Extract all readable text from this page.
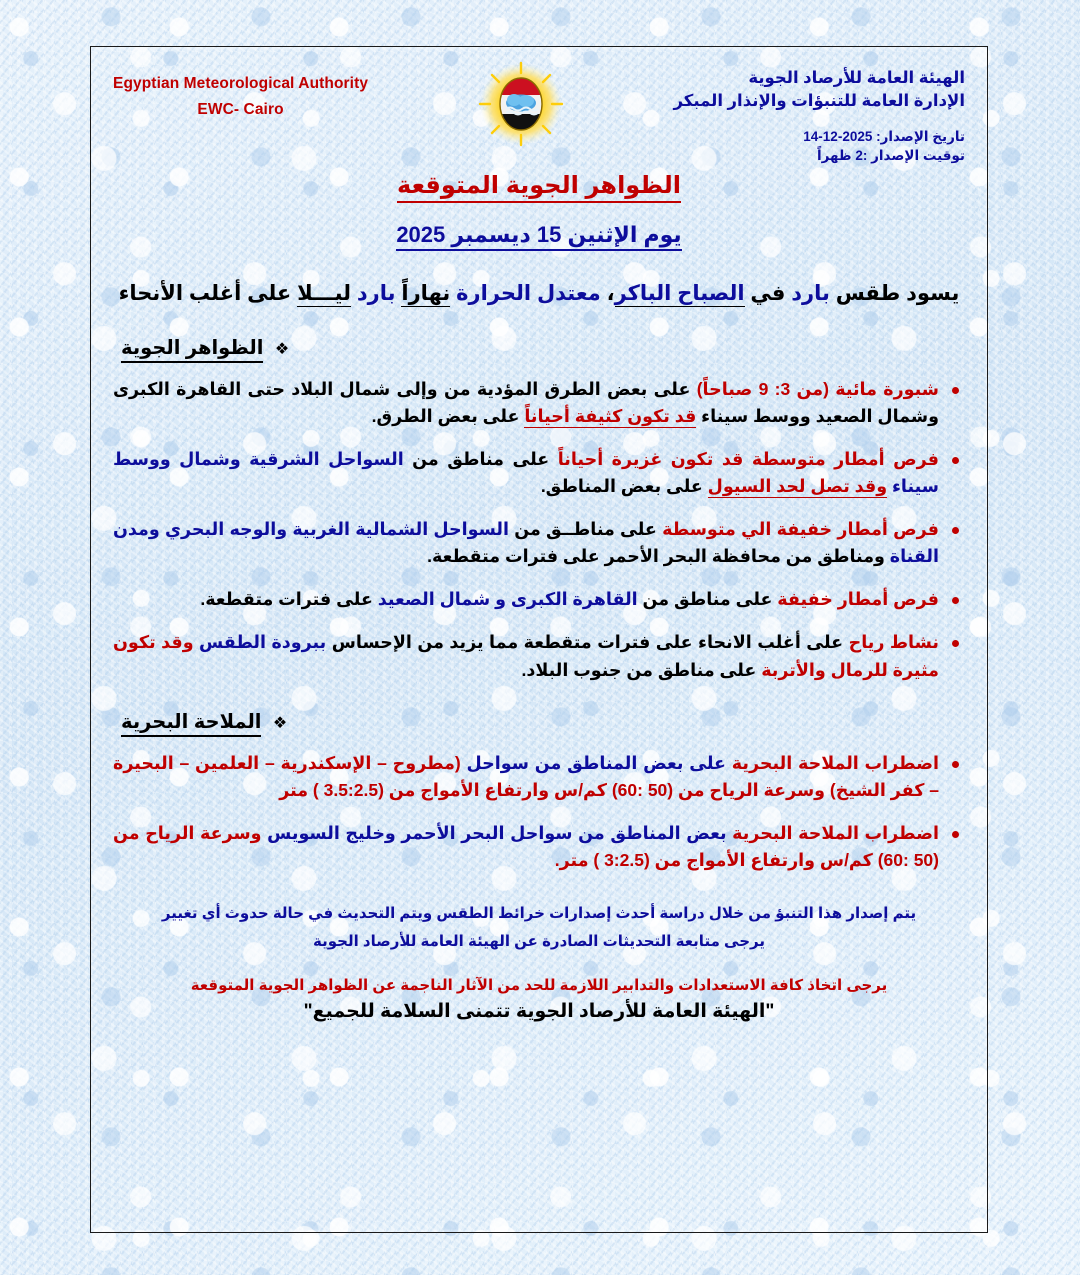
الهيئة العامة للأرصاد الجوية
الإدارة العامة للتنبؤات والإنذار المبكر
تاريخ الإصدار: 2025-12-14
توقيت الإصدار :2 ظهراً
Egyptian Meteorological Authority
EWC- Cairo
الظواهر الجوية المتوقعة
يوم الإثنين 15 ديسمبر 2025
يسود طقس بارد في الصباح الباكر، معتدل الحرارة نهاراً بارد ليـــلا على أغلب الأنحاء
❖ الظواهر الجوية
شبورة مائية (من 3: 9 صباحاً) على بعض الطرق المؤدية من وإلى شمال البلاد حتى القاهرة الكبرى وشمال الصعيد ووسط سيناء قد تكون كثيفة أحياناً على بعض الطرق.
فرص أمطار متوسطة قد تكون غزيرة أحياناً على مناطق من السواحل الشرقية وشمال ووسط سيناء وقد تصل لحد السيول على بعض المناطق.
فرص أمطار خفيفة الي متوسطة على مناطــق من السواحل الشمالية الغربية والوجه البحري ومدن القناة ومناطق من محافظة البحر الأحمر على فترات متقطعة.
فرص أمطار خفيفة على مناطق من القاهرة الكبرى و شمال الصعيد على فترات متقطعة.
نشاط رياح على أغلب الانحاء على فترات متقطعة مما يزيد من الإحساس ببرودة الطقس وقد تكون مثيرة للرمال والأتربة على مناطق من جنوب البلاد.
❖ الملاحة البحرية
اضطراب الملاحة البحرية على بعض المناطق من سواحل (مطروح – الإسكندرية – العلمين – البحيرة – كفر الشيخ) وسرعة الرياح من (50 :60) كم/س وارتفاع الأمواج من (3.5:2.5 ) متر
اضطراب الملاحة البحرية بعض المناطق من سواحل البحر الأحمر وخليج السويس وسرعة الرياح من (50 :60) كم/س وارتفاع الأمواج من (3:2.5 ) متر.
يتم إصدار هذا التنبؤ من خلال دراسة أحدث إصدارات خرائط الطقس ويتم التحديث في حالة حدوث أي تغيير
يرجى متابعة التحديثات الصادرة عن الهيئة العامة للأرصاد الجوية
يرجى اتخاذ كافة الاستعدادات والتدابير اللازمة للحد من الآثار الناجمة عن الظواهر الجوية المتوقعة
"الهيئة العامة للأرصاد الجوية تتمنى السلامة للجميع"
